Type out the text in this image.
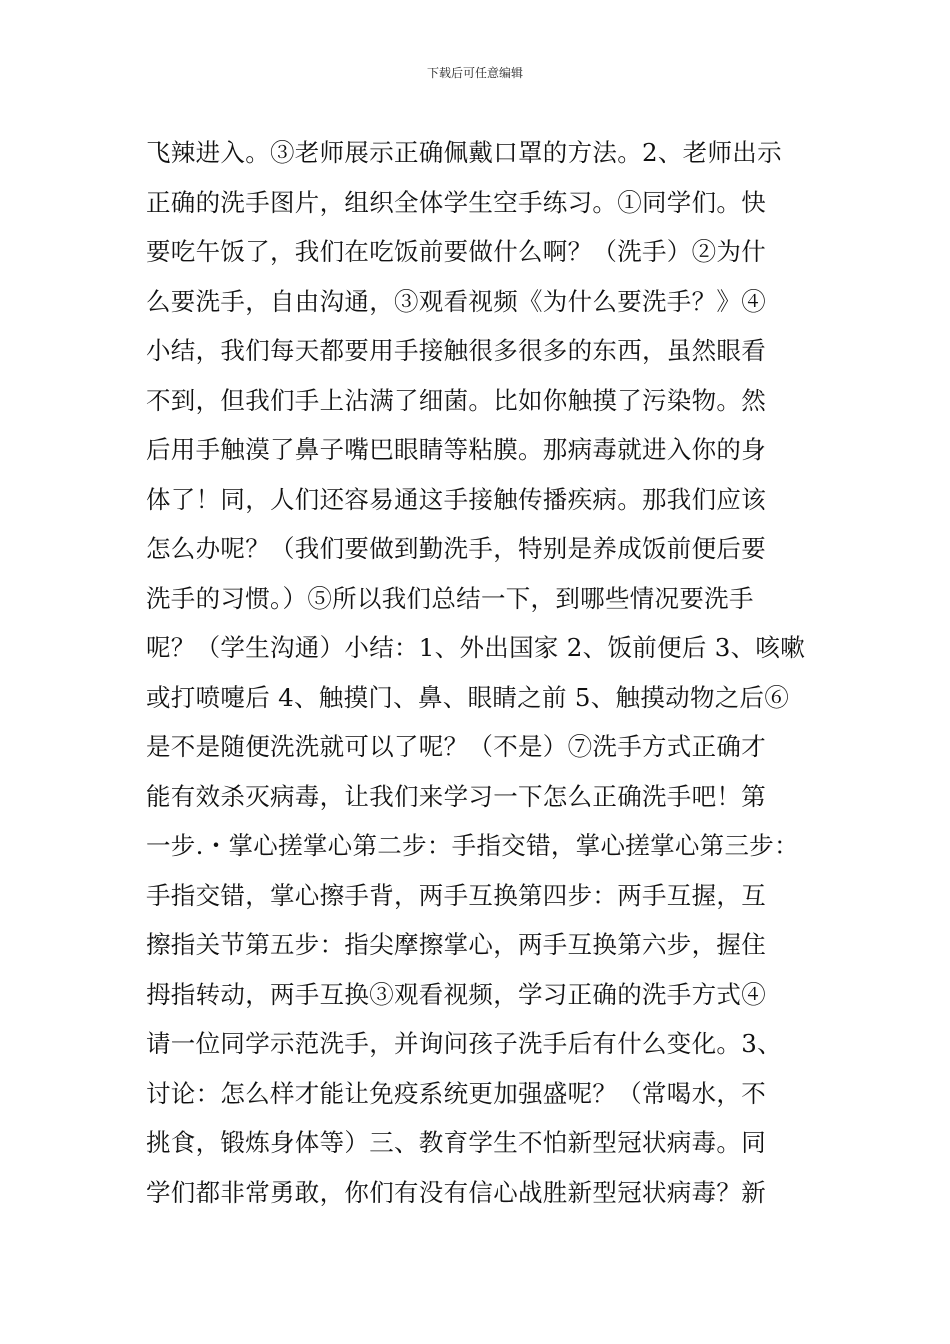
下载后可任意编辑
飞辣进入。③老师展示正确佩戴口罩的方法。2、老师出示
正确的洗手图片，组织全体学生空手练习。①同学们。快
要吃午饭了，我们在吃饭前要做什么啊？（洗手）②为什
么要洗手，自由沟通，③观看视频《为什么要洗手？》④
小结，我们每天都要用手接触很多很多的东西，虽然眼看
不到，但我们手上沾满了细菌。比如你触摸了污染物。然
后用手触漠了鼻子嘴巴眼睛等粘膜。那病毒就进入你的身
体了！同，人们还容易通这手接触传播疾病。那我们应该
怎么办呢？（我们要做到勤洗手，特别是养成饭前便后要
洗手的习惯。）⑤所以我们总结一下，到哪些情况要洗手
呢？（学生沟通）小结：1、外出国家 2、饭前便后 3、咳嗽
或打喷嚏后 4、触摸门、鼻、眼睛之前 5、触摸动物之后⑥
是不是随便洗洗就可以了呢？（不是）⑦洗手方式正确才
能有效杀灭病毒，让我们来学习一下怎么正确洗手吧！第
一步.・掌心搓掌心第二步：手指交错，掌心搓掌心第三步：
手指交错，掌心擦手背，两手互换第四步：两手互握，互
擦指关节第五步：指尖摩擦掌心，两手互换第六步，握住
拇指转动，两手互换③观看视频，学习正确的洗手方式④
请一位同学示范洗手，并询问孩子洗手后有什么变化。3、
讨论：怎么样才能让免疫系统更加强盛呢？（常喝水，不
挑食，锻炼身体等）三、教育学生不怕新型冠状病毒。同
学们都非常勇敢，你们有没有信心战胜新型冠状病毒？新
